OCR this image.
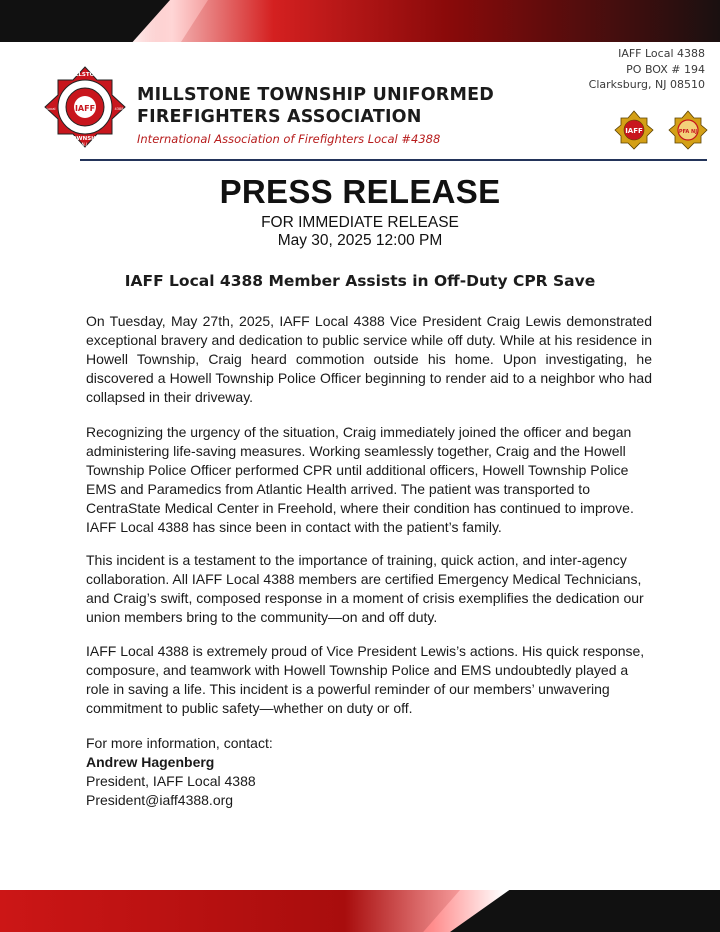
IAFF
MILLSTONE
TOWNSHIP
N.J.
Local	4388
MILLSTONE TOWNSHIP UNIFORMED
FIREFIGHTERS ASSOCIATION
International Association of Firefighters Local #4388
IAFF Local 4388
PO BOX # 194
Clarksburg, NJ 08510
IAFF	PFA NJ
PRESS RELEASE
FOR IMMEDIATE RELEASE
May 30, 2025 12:00 PM
IAFF Local 4388 Member Assists in Off-Duty CPR Save

On Tuesday, May 27th, 2025, IAFF Local 4388 Vice President Craig Lewis demonstrated exceptional bravery and dedication to public service while off duty. While at his residence in Howell Township, Craig heard commotion outside his home. Upon investigating, he discovered a Howell Township Police Officer beginning to render aid to a neighbor who had collapsed in their driveway.

Recognizing the urgency of the situation, Craig immediately joined the officer and began administering life-saving measures. Working seamlessly together, Craig and the Howell Township Police Officer performed CPR until additional officers, Howell Township Police EMS and Paramedics from Atlantic Health arrived. The patient was transported to CentraState Medical Center in Freehold, where their condition has continued to improve. IAFF Local 4388 has since been in contact with the patient’s family.

This incident is a testament to the importance of training, quick action, and inter-agency collaboration. All IAFF Local 4388 members are certified Emergency Medical Technicians, and Craig’s swift, composed response in a moment of crisis exemplifies the dedication our union members bring to the community—on and off duty.

IAFF Local 4388 is extremely proud of Vice President Lewis’s actions. His quick response, composure, and teamwork with Howell Township Police and EMS undoubtedly played a role in saving a life. This incident is a powerful reminder of our members’ unwavering commitment to public safety—whether on duty or off.

For more information, contact:
Andrew Hagenberg
President, IAFF Local 4388
President@iaff4388.org
